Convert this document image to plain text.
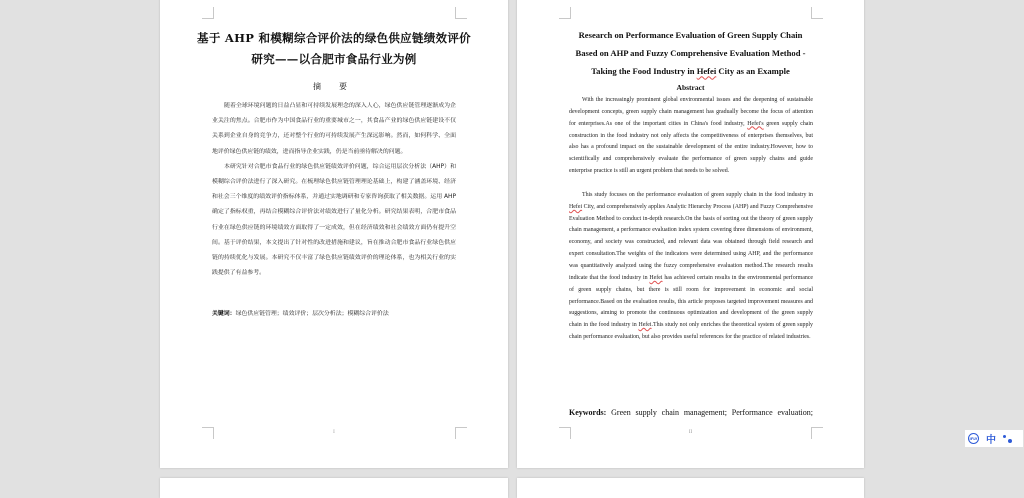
基于 AHP 和模糊综合评价法的绿色供应链绩效评价
研究——以合肥市食品行业为例
摘 要

随着全球环境问题的日益凸显和可持续发展理念的深入人心，绿色供应链管理逐渐成为企业关注的焦点。合肥市作为中国食品行业的重要城市之一，其食品产业的绿色供应链建设不仅关系到企业自身的竞争力，还对整个行业的可持续发展产生深远影响。然而，如何科学、全面地评价绿色供应链的绩效，进而指导企业实践，仍是当前亟待解决的问题。

本研究针对合肥市食品行业的绿色供应链绩效评价问题，综合运用层次分析法（AHP）和模糊综合评价法进行了深入研究。在梳理绿色供应链管理理论基础上，构建了涵盖环境、经济和社会三个维度的绩效评价指标体系，并通过实地调研和专家咨询获取了相关数据。运用 AHP 确定了指标权重，再结合模糊综合评价法对绩效进行了量化分析。研究结果表明，合肥市食品行业在绿色供应链的环境绩效方面取得了一定成效，但在经济绩效和社会绩效方面仍有提升空间。基于评价结果，本文提出了针对性的改进措施和建议，旨在推动合肥市食品行业绿色供应链的持续优化与发展。本研究不仅丰富了绿色供应链绩效评价的理论体系，也为相关行业的实践提供了有益参考。

关键词：绿色供应链管理；绩效评价；层次分析法；模糊综合评价法
I
Research on Performance Evaluation of Green Supply Chain
Based on AHP and Fuzzy Comprehensive Evaluation Method -
Taking the Food Industry in Hefei City as an Example
Abstract

With the increasingly prominent global environmental issues and the deepening of sustainable development concepts, green supply chain management has gradually become the focus of attention for enterprises.As one of the important cities in China's food industry, Hefei's green supply chain construction in the food industry not only affects the competitiveness of enterprises themselves, but also has a profound impact on the sustainable development of the entire industry.However, how to scientifically and comprehensively evaluate the performance of green supply chains and guide enterprise practice is still an urgent problem that needs to be solved.

This study focuses on the performance evaluation of green supply chain in the food industry in Hefei City, and comprehensively applies Analytic Hierarchy Process (AHP) and Fuzzy Comprehensive Evaluation Method to conduct in-depth research.On the basis of sorting out the theory of green supply chain management, a performance evaluation index system covering three dimensions of environment, economy, and society was constructed, and relevant data was obtained through field research and expert consultation.The weights of the indicators were determined using AHP, and the performance was quantitatively analyzed using the fuzzy comprehensive evaluation method.The research results indicate that the food industry in Hefei has achieved certain results in the environmental performance of green supply chains, but there is still room for improvement in economic and social performance.Based on the evaluation results, this article proposes targeted improvement measures and suggestions, aiming to promote the continuous optimization and development of the green supply chain in the food industry in Hefei.This study not only enriches the theoretical system of green supply chain performance evaluation, but also provides useful references for the practice of related industries.

Keywords: Green supply chain management; Performance evaluation;
II
IFLY 中
